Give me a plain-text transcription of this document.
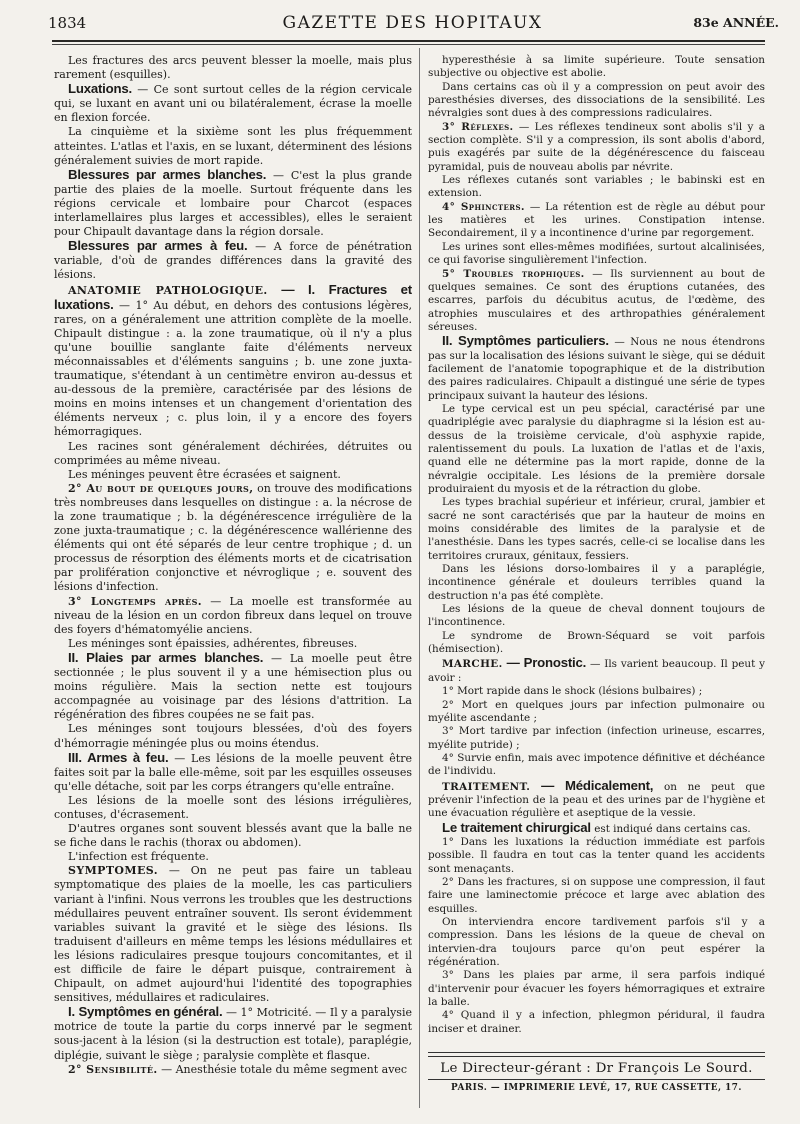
1834	GAZETTE DES HOPITAUX	83e ANNÉE.

Les fractures des arcs peuvent blesser la moelle, mais plus rarement (esquilles).

Luxations. — Ce sont surtout celles de la région cervicale qui, se luxant en avant uni ou bilatéralement, écrase la moelle en flexion forcée.

La cinquième et la sixième sont les plus fréquemment atteintes. L'atlas et l'axis, en se luxant, déterminent des lésions généralement suivies de mort rapide.

Blessures par armes blanches. — C'est la plus grande partie des plaies de la moelle. Surtout fréquente dans les régions cervicale et lombaire pour Charcot (espaces interlamellaires plus larges et accessibles), elles le seraient pour Chipault davantage dans la région dorsale.

Blessures par armes à feu. — A force de pénétration variable, d'où de grandes différences dans la gravité des lésions.

ANATOMIE PATHOLOGIQUE. — I. Fractures et luxations. — 1° Au début, en dehors des contusions légères, rares, on a généralement une attrition complète de la moelle. Chipault distingue : a. la zone traumatique, où il n'y a plus qu'une bouillie sanglante faite d'éléments nerveux méconnaissables et d'éléments sanguins ; b. une zone juxta-traumatique, s'étendant à un centimètre environ au-dessus et au-dessous de la première, caractérisée par des lésions de moins en moins intenses et un changement d'orientation des éléments nerveux ; c. plus loin, il y a encore des foyers hémorragiques.

Les racines sont généralement déchirées, détruites ou comprimées au même niveau.

Les méninges peuvent être écrasées et saignent.

2° Au bout de quelques jours, on trouve des modifications très nombreuses dans lesquelles on distingue : a. la nécrose de la zone traumatique ; b. la dégénérescence irrégulière de la zone juxta-traumatique ; c. la dégénérescence wallérienne des éléments qui ont été séparés de leur centre trophique ; d. un processus de résorption des éléments morts et de cicatrisation par prolifération conjonctive et névroglique ; e. souvent des lésions d'infection.

3° Longtemps après. — La moelle est transformée au niveau de la lésion en un cordon fibreux dans lequel on trouve des foyers d'hématomyélie anciens.

Les méninges sont épaissies, adhérentes, fibreuses.

II. Plaies par armes blanches. — La moelle peut être sectionnée ; le plus souvent il y a une hémisection plus ou moins régulière. Mais la section nette est toujours accompagnée au voisinage par des lésions d'attrition. La régénération des fibres coupées ne se fait pas.

Les méninges sont toujours blessées, d'où des foyers d'hémorragie méningée plus ou moins étendus.

III. Armes à feu. — Les lésions de la moelle peuvent être faites soit par la balle elle-même, soit par les esquilles osseuses qu'elle détache, soit par les corps étrangers qu'elle entraîne.

Les lésions de la moelle sont des lésions irrégulières, contuses, d'écrasement.

D'autres organes sont souvent blessés avant que la balle ne se fiche dans le rachis (thorax ou abdomen).

L'infection est fréquente.

SYMPTOMES. — On ne peut pas faire un tableau symptomatique des plaies de la moelle, les cas particuliers variant à l'infini. Nous verrons les troubles que les destructions médullaires peuvent entraîner souvent. Ils seront évidemment variables suivant la gravité et le siège des lésions. Ils traduisent d'ailleurs en même temps les lésions médullaires et les lésions radiculaires presque toujours concomitantes, et il est difficile de faire le départ puisque, contrairement à Chipault, on admet aujourd'hui l'identité des topographies sensitives, médullaires et radiculaires.

I. Symptômes en général. — 1° Motricité. — Il y a paralysie motrice de toute la partie du corps innervé par le segment sous-jacent à la lésion (si la destruction est totale), paraplégie, diplégie, suivant le siège ; paralysie complète et flasque.

2° Sensibilité. — Anesthésie totale du même segment avec

hyperesthésie à sa limite supérieure. Toute sensation subjective ou objective est abolie.

Dans certains cas où il y a compression on peut avoir des paresthésies diverses, des dissociations de la sensibilité. Les névralgies sont dues à des compressions radiculaires.

3° Réflexes. — Les réflexes tendineux sont abolis s'il y a section complète. S'il y a compression, ils sont abolis d'abord, puis exagérés par suite de la dégénérescence du faisceau pyramidal, puis de nouveau abolis par névrite.

Les réflexes cutanés sont variables ; le babinski est en extension.

4° Sphincters. — La rétention est de règle au début pour les matières et les urines. Constipation intense. Secondairement, il y a incontinence d'urine par regorgement.

Les urines sont elles-mêmes modifiées, surtout alcalinisées, ce qui favorise singulièrement l'infection.

5° Troubles trophiques. — Ils surviennent au bout de quelques semaines. Ce sont des éruptions cutanées, des escarres, parfois du décubitus acutus, de l'œdème, des atrophies musculaires et des arthropathies généralement séreuses.

II. Symptômes particuliers. — Nous ne nous étendrons pas sur la localisation des lésions suivant le siège, qui se déduit facilement de l'anatomie topographique et de la distribution des paires radiculaires. Chipault a distingué une série de types principaux suivant la hauteur des lésions.

Le type cervical est un peu spécial, caractérisé par une quadriplégie avec paralysie du diaphragme si la lésion est au-dessus de la troisième cervicale, d'où asphyxie rapide, ralentissement du pouls. La luxation de l'atlas et de l'axis, quand elle ne détermine pas la mort rapide, donne de la névralgie occipitale. Les lésions de la première dorsale produiraient du myosis et de la rétraction du globe.

Les types brachial supérieur et inférieur, crural, jambier et sacré ne sont caractérisés que par la hauteur de moins en moins considérable des limites de la paralysie et de l'anesthésie. Dans les types sacrés, celle-ci se localise dans les territoires cruraux, génitaux, fessiers.

Dans les lésions dorso-lombaires il y a paraplégie, incontinence générale et douleurs terribles quand la destruction n'a pas été complète.

Les lésions de la queue de cheval donnent toujours de l'incontinence.

Le syndrome de Brown-Séquard se voit parfois (hémisection).

MARCHE. — Pronostic. — Ils varient beaucoup. Il peut y avoir :

1° Mort rapide dans le shock (lésions bulbaires) ;

2° Mort en quelques jours par infection pulmonaire ou myélite ascendante ;

3° Mort tardive par infection (infection urineuse, escarres, myélite putride) ;

4° Survie enfin, mais avec impotence définitive et déchéance de l'individu.

TRAITEMENT. — Médicalement, on ne peut que prévenir l'infection de la peau et des urines par de l'hygiène et une évacuation régulière et aseptique de la vessie.

Le traitement chirurgical est indiqué dans certains cas.

1° Dans les luxations la réduction immédiate est parfois possible. Il faudra en tout cas la tenter quand les accidents sont menaçants.

2° Dans les fractures, si on suppose une compression, il faut faire une laminectomie précoce et large avec ablation des esquilles.

On interviendra encore tardivement parfois s'il y a compression. Dans les lésions de la queue de cheval on intervien-dra toujours parce qu'on peut espérer la régénération.

3° Dans les plaies par arme, il sera parfois indiqué d'intervenir pour évacuer les foyers hémorragiques et extraire la balle.

4° Quand il y a infection, phlegmon péridural, il faudra inciser et drainer.

Le Directeur-gérant : Dr François Le Sourd.
PARIS. — IMPRIMERIE LEVÉ, 17, RUE CASSETTE, 17.
